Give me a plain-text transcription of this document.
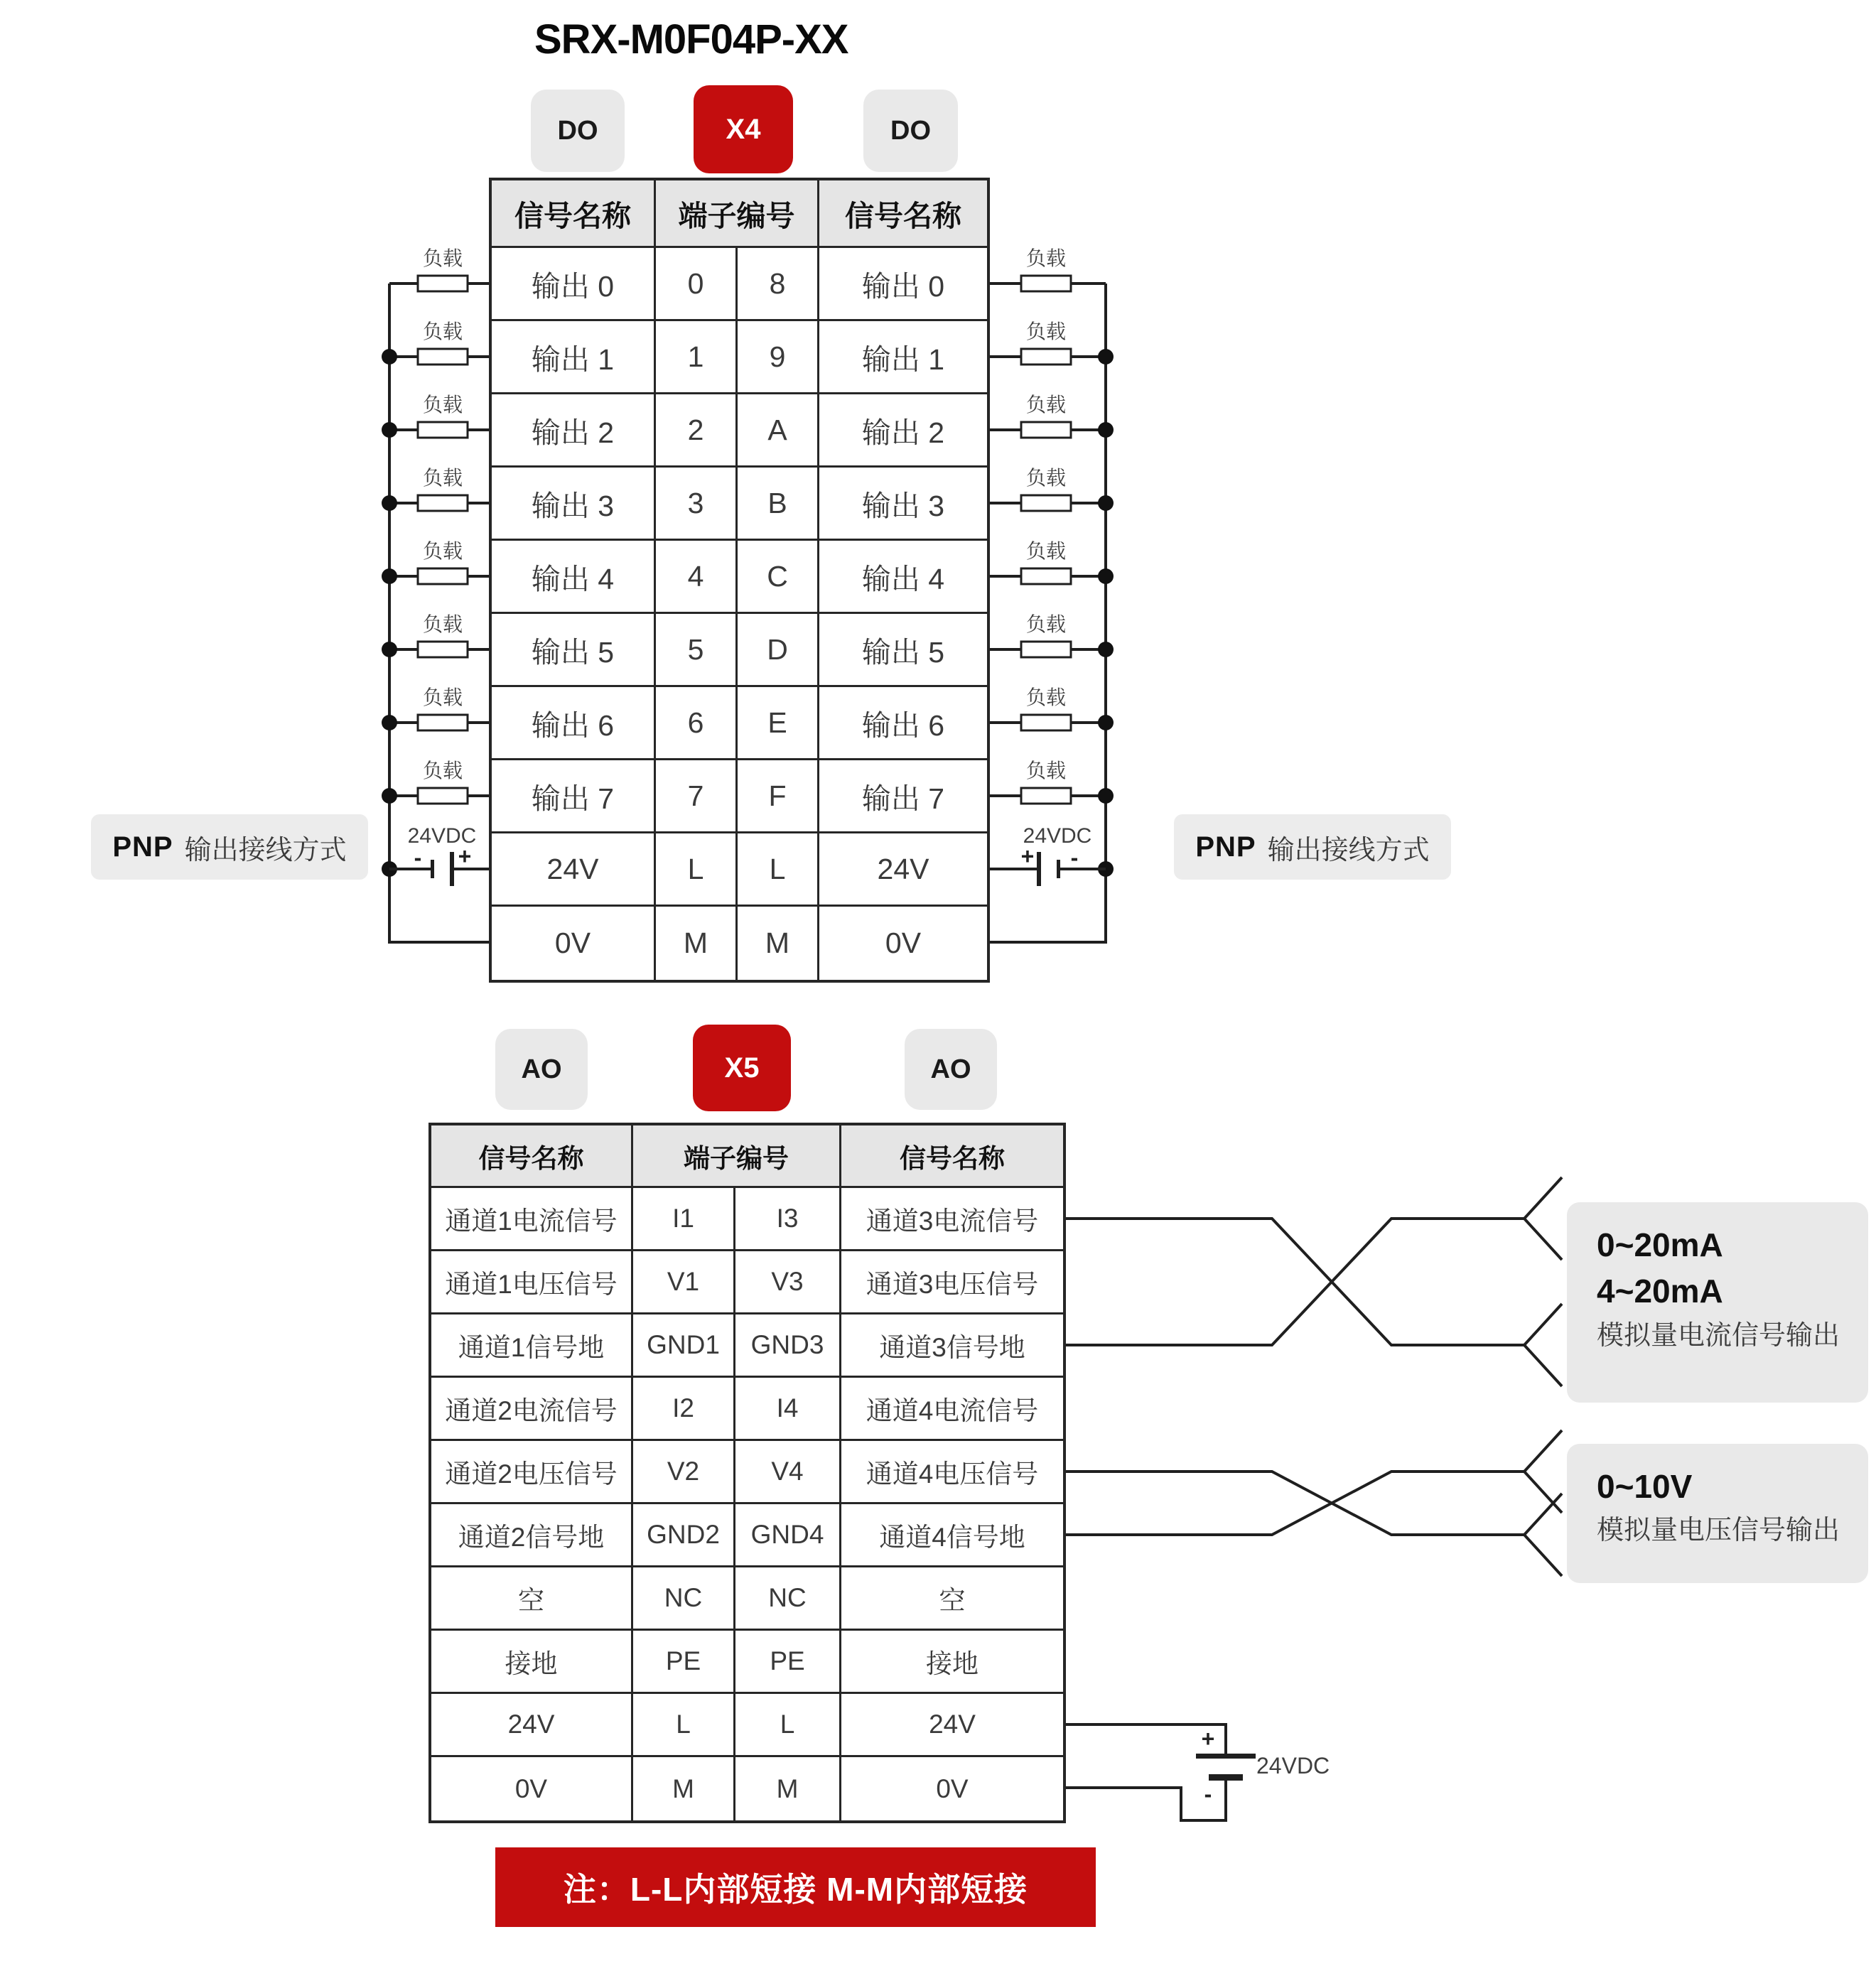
负载
负载
负载
负载
负载
负载
负载
负载
24VDC
- +
负载
负载
负载
负载
负载
负载
负载
负载
24VDC
+ -
+
-
24VDC
SRX-M0F04P-XX
DO	X4	DO
信号名称	端子编号	信号名称
输出 0	0	8	输出 0
输出 1	1	9	输出 1
输出 2	2	A	输出 2
输出 3	3	B	输出 3
输出 4	4	C	输出 4
输出 5	5	D	输出 5
输出 6	6	E	输出 6
输出 7	7	F	输出 7
24V	L	L	24V
0V	M	M	0V
PNP 输出接线方式	PNP 输出接线方式
AO	X5	AO
信号名称	端子编号	信号名称
通道1电流信号	I1	I3	通道3电流信号
通道1电压信号	V1	V3	通道3电压信号
通道1信号地	GND1	GND3	通道3信号地
通道2电流信号	I2	I4	通道4电流信号
通道2电压信号	V2	V4	通道4电压信号
通道2信号地	GND2	GND4	通道4信号地
空	NC	NC	空
接地	PE	PE	接地
24V	L	L	24V
0V	M	M	0V
0~20mA
4~20mA
模拟量电流信号输出
0~10V
模拟量电压信号输出
注：L-L内部短接 M-M内部短接
